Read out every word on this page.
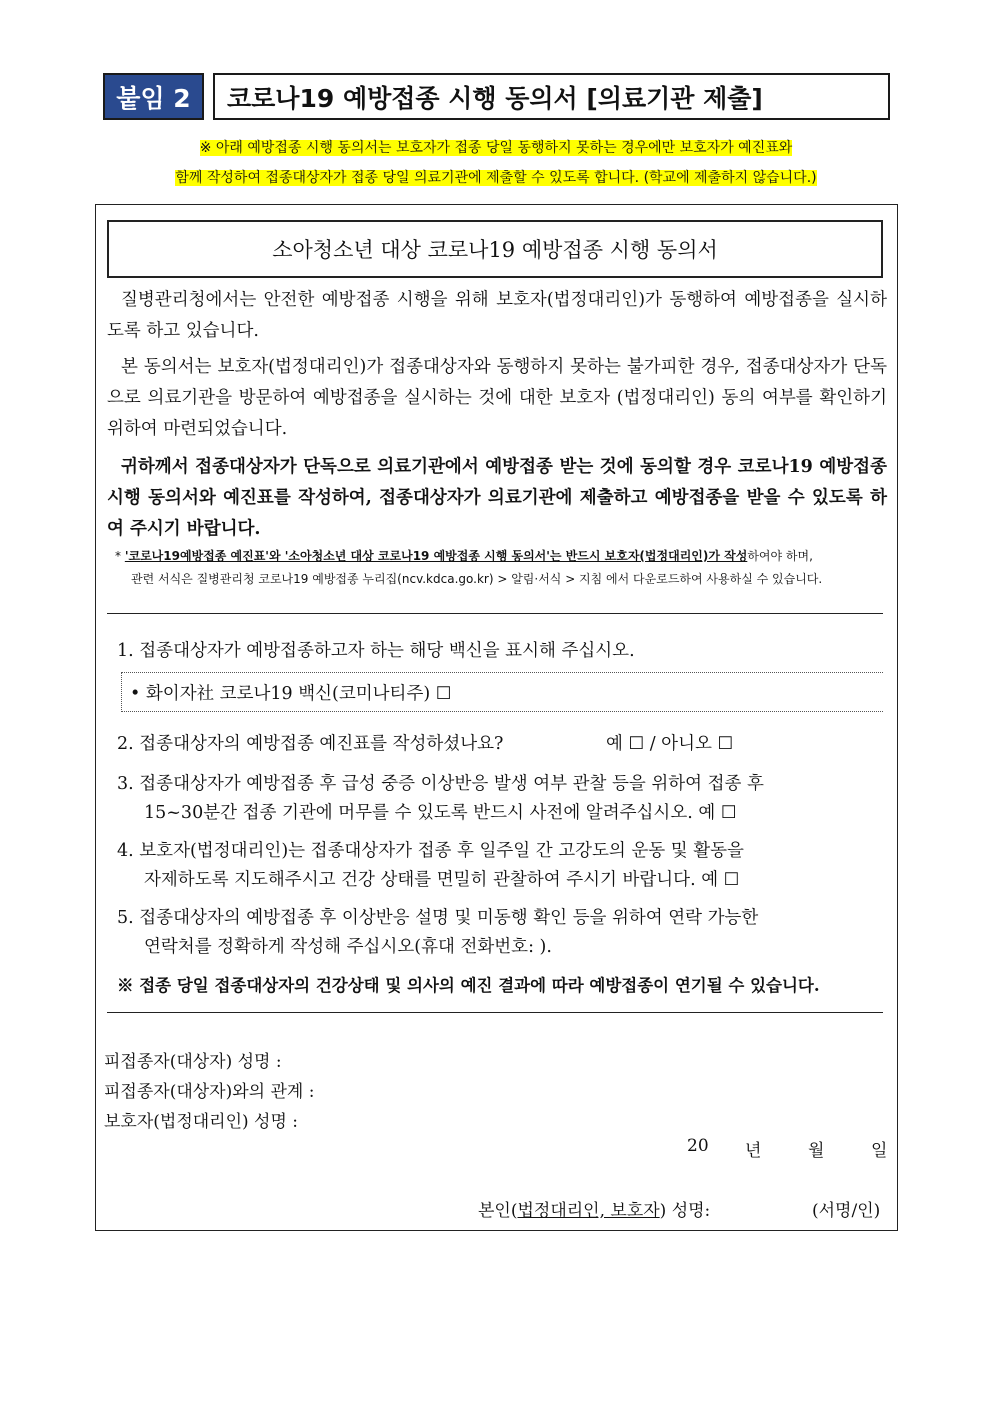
붙임 2	코로나19 예방접종 시행 동의서 [의료기관 제출]
※ 아래 예방접종 시행 동의서는 보호자가 접종 당일 동행하지 못하는 경우에만 보호자가 예진표와
함께 작성하여 접종대상자가 접종 당일 의료기관에 제출할 수 있도록 합니다. (학교에 제출하지 않습니다.)
소아청소년 대상 코로나19 예방접종 시행 동의서
질병관리청에서는 안전한 예방접종 시행을 위해 보호자(법정대리인)가 동행하여 예방접종을 실시하도록 하고 있습니다.
본 동의서는 보호자(법정대리인)가 접종대상자와 동행하지 못하는 불가피한 경우, 접종대상자가 단독으로 의료기관을 방문하여 예방접종을 실시하는 것에 대한 보호자 (법정대리인) 동의 여부를 확인하기 위하여 마련되었습니다.
귀하께서 접종대상자가 단독으로 의료기관에서 예방접종 받는 것에 동의할 경우 코로나19 예방접종 시행 동의서와 예진표를 작성하여, 접종대상자가 의료기관에 제출하고 예방접종을 받을 수 있도록 하여 주시기 바랍니다.
* '코로나19예방접종 예진표'와 '소아청소년 대상 코로나19 예방접종 시행 동의서'는 반드시 보호자(법정대리인)가 작성하여야 하며,
관련 서식은 질병관리청 코로나19 예방접종 누리집(ncv.kdca.go.kr) > 알림·서식 > 지침 에서 다운로드하여 사용하실 수 있습니다.
1. 접종대상자가 예방접종하고자 하는 해당 백신을 표시해 주십시오.
• 화이자社 코로나19 백신(코미나티주) ☐
2. 접종대상자의 예방접종 예진표를 작성하셨나요?	예 ☐ / 아니오 ☐
3. 접종대상자가 예방접종 후 급성 중증 이상반응 발생 여부 관찰 등을 위하여 접종 후
15~30분간 접종 기관에 머무를 수 있도록 반드시 사전에 알려주십시오. 예 ☐
4. 보호자(법정대리인)는 접종대상자가 접종 후 일주일 간 고강도의 운동 및 활동을
자제하도록 지도해주시고 건강 상태를 면밀히 관찰하여 주시기 바랍니다. 예 ☐
5. 접종대상자의 예방접종 후 이상반응 설명 및 미동행 확인 등을 위하여 연락 가능한
연락처를 정확하게 작성해 주십시오(휴대 전화번호: ).
※ 접종 당일 접종대상자의 건강상태 및 의사의 예진 결과에 따라 예방접종이 연기될 수 있습니다.
피접종자(대상자) 성명 :
피접종자(대상자)와의 관계 :
보호자(법정대리인) 성명 :
20 년	월	일
본인(법정대리인, 보호자) 성명:	(서명/인)
